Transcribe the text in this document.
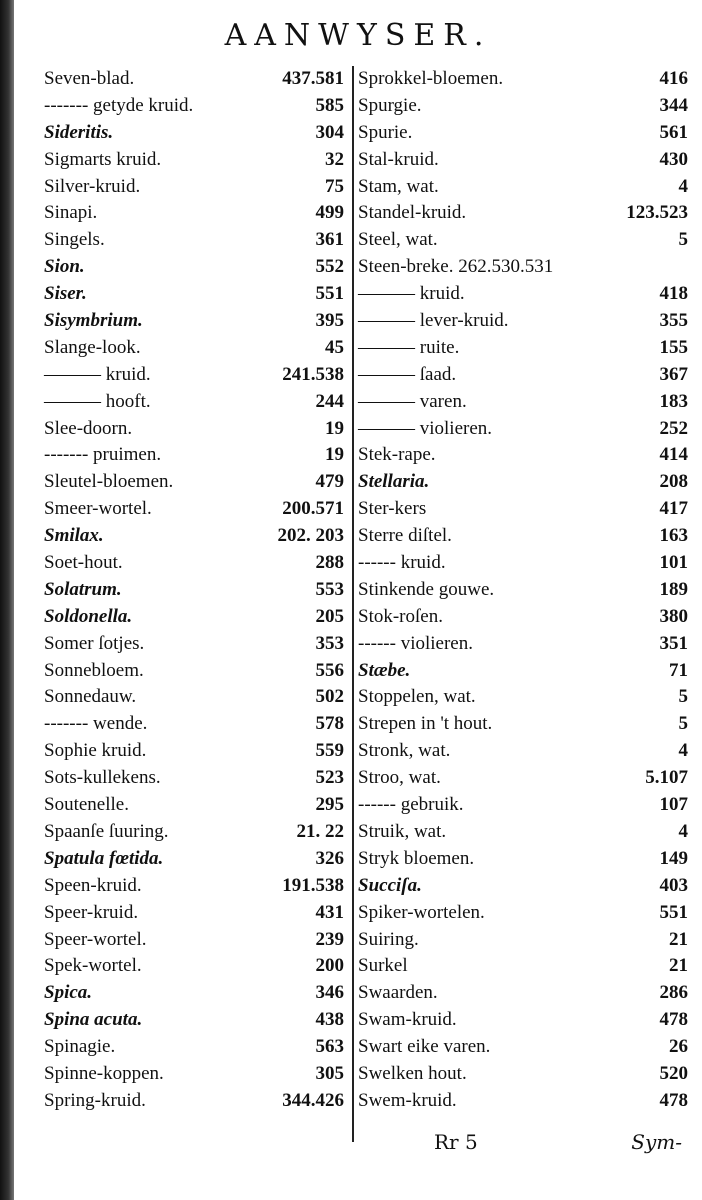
AANWYSER.
Seven-blad.	437.581
------- getyde kruid.	585
Sideritis.	304
Sigmarts kruid.	32
Silver-kruid.	75
Sinapi.	499
Singels.	361
Sion.	552
Siser.	551
Sisymbrium.	395
Slange-look.	45
——— kruid.	241.538
——— hooft.	244
Slee-doorn.	19
------- pruimen.	19
Sleutel-bloemen.	479
Smeer-wortel.	200.571
Smilax.	202. 203
Soet-hout.	288
Solatrum.	553
Soldonella.	205
Somer ſotjes.	353
Sonnebloem.	556
Sonnedauw.	502
------- wende.	578
Sophie kruid.	559
Sots-kullekens.	523
Soutenelle.	295
Spaanſe ſuuring.	21. 22
Spatula fœtida.	326
Speen-kruid.	191.538
Speer-kruid.	431
Speer-wortel.	239
Spek-wortel.	200
Spica.	346
Spina acuta.	438
Spinagie.	563
Spinne-koppen.	305
Spring-kruid.	344.426
Sprokkel-bloemen.	416
Spurgie.	344
Spurie.	561
Stal-kruid.	430
Stam, wat.	4
Standel-kruid.	123.523
Steel, wat.	5
Steen-breke. 262.530.531
——— kruid.	418
——— lever-kruid.	355
——— ruite.	155
——— ſaad.	367
——— varen.	183
——— violieren.	252
Stek-rape.	414
Stellaria.	208
Ster-kers	417
Sterre diſtel.	163
------ kruid.	101
Stinkende gouwe.	189
Stok-roſen.	380
------ violieren.	351
Stæbe.	71
Stoppelen, wat.	5
Strepen in 't hout.	5
Stronk, wat.	4
Stroo, wat.	5.107
------ gebruik.	107
Struik, wat.	4
Stryk bloemen.	149
Succiſa.	403
Spiker-wortelen.	551
Suiring.	21
Surkel	21
Swaarden.	286
Swam-kruid.	478
Swart eike varen.	26
Swelken hout.	520
Swem-kruid.	478
Rr 5	Sym-
